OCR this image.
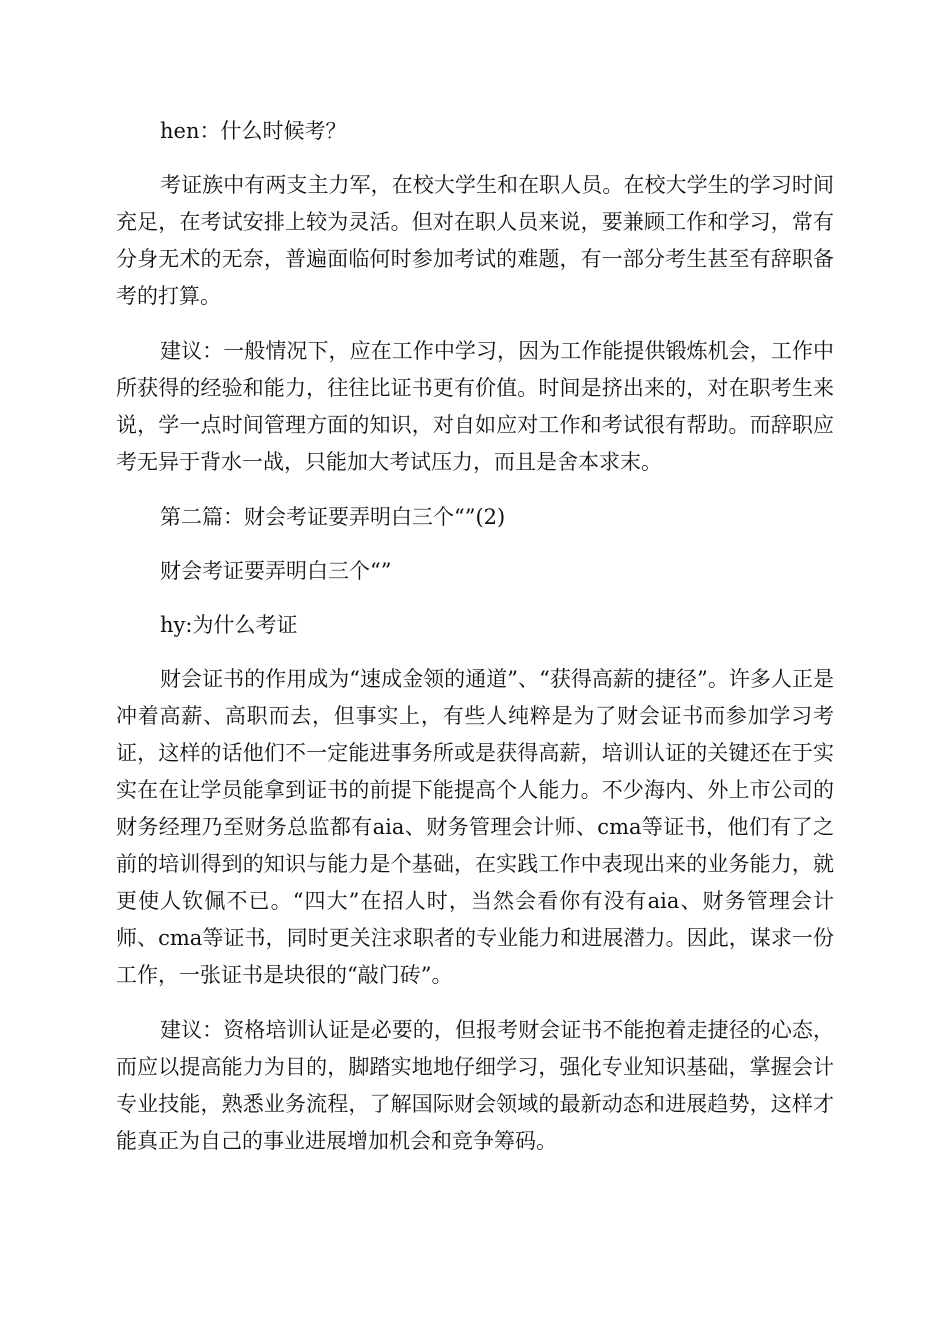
hen：什么时候考？

考证族中有两支主力军，在校大学生和在职人员。在校大学生的学习时间充足，在考试安排上较为灵活。但对在职人员来说，要兼顾工作和学习，常有分身无术的无奈，普遍面临何时参加考试的难题，有一部分考生甚至有辞职备考的打算。

建议：一般情况下，应在工作中学习，因为工作能提供锻炼机会，工作中所获得的经验和能力，往往比证书更有价值。时间是挤出来的，对在职考生来说，学一点时间管理方面的知识，对自如应对工作和考试很有帮助。而辞职应考无异于背水一战，只能加大考试压力，而且是舍本求末。

第二篇：财会考证要弄明白三个“”(2)

财会考证要弄明白三个“”

hy:为什么考证

财会证书的作用成为“速成金领的通道”、“获得高薪的捷径”。许多人正是冲着高薪、高职而去，但事实上，有些人纯粹是为了财会证书而参加学习考证，这样的话他们不一定能进事务所或是获得高薪，培训认证的关键还在于实实在在让学员能拿到证书的前提下能提高个人能力。不少海内、外上市公司的财务经理乃至财务总监都有aia、财务管理会计师、cma等证书，他们有了之前的培训得到的知识与能力是个基础，在实践工作中表现出来的业务能力，就更使人钦佩不已。“四大”在招人时，当然会看你有没有aia、财务管理会计师、cma等证书，同时更关注求职者的专业能力和进展潜力。因此，谋求一份工作，一张证书是块很的“敲门砖”。

建议：资格培训认证是必要的，但报考财会证书不能抱着走捷径的心态，而应以提高能力为目的，脚踏实地地仔细学习，强化专业知识基础，掌握会计专业技能，熟悉业务流程，了解国际财会领域的最新动态和进展趋势，这样才能真正为自己的事业进展增加机会和竞争筹码。
